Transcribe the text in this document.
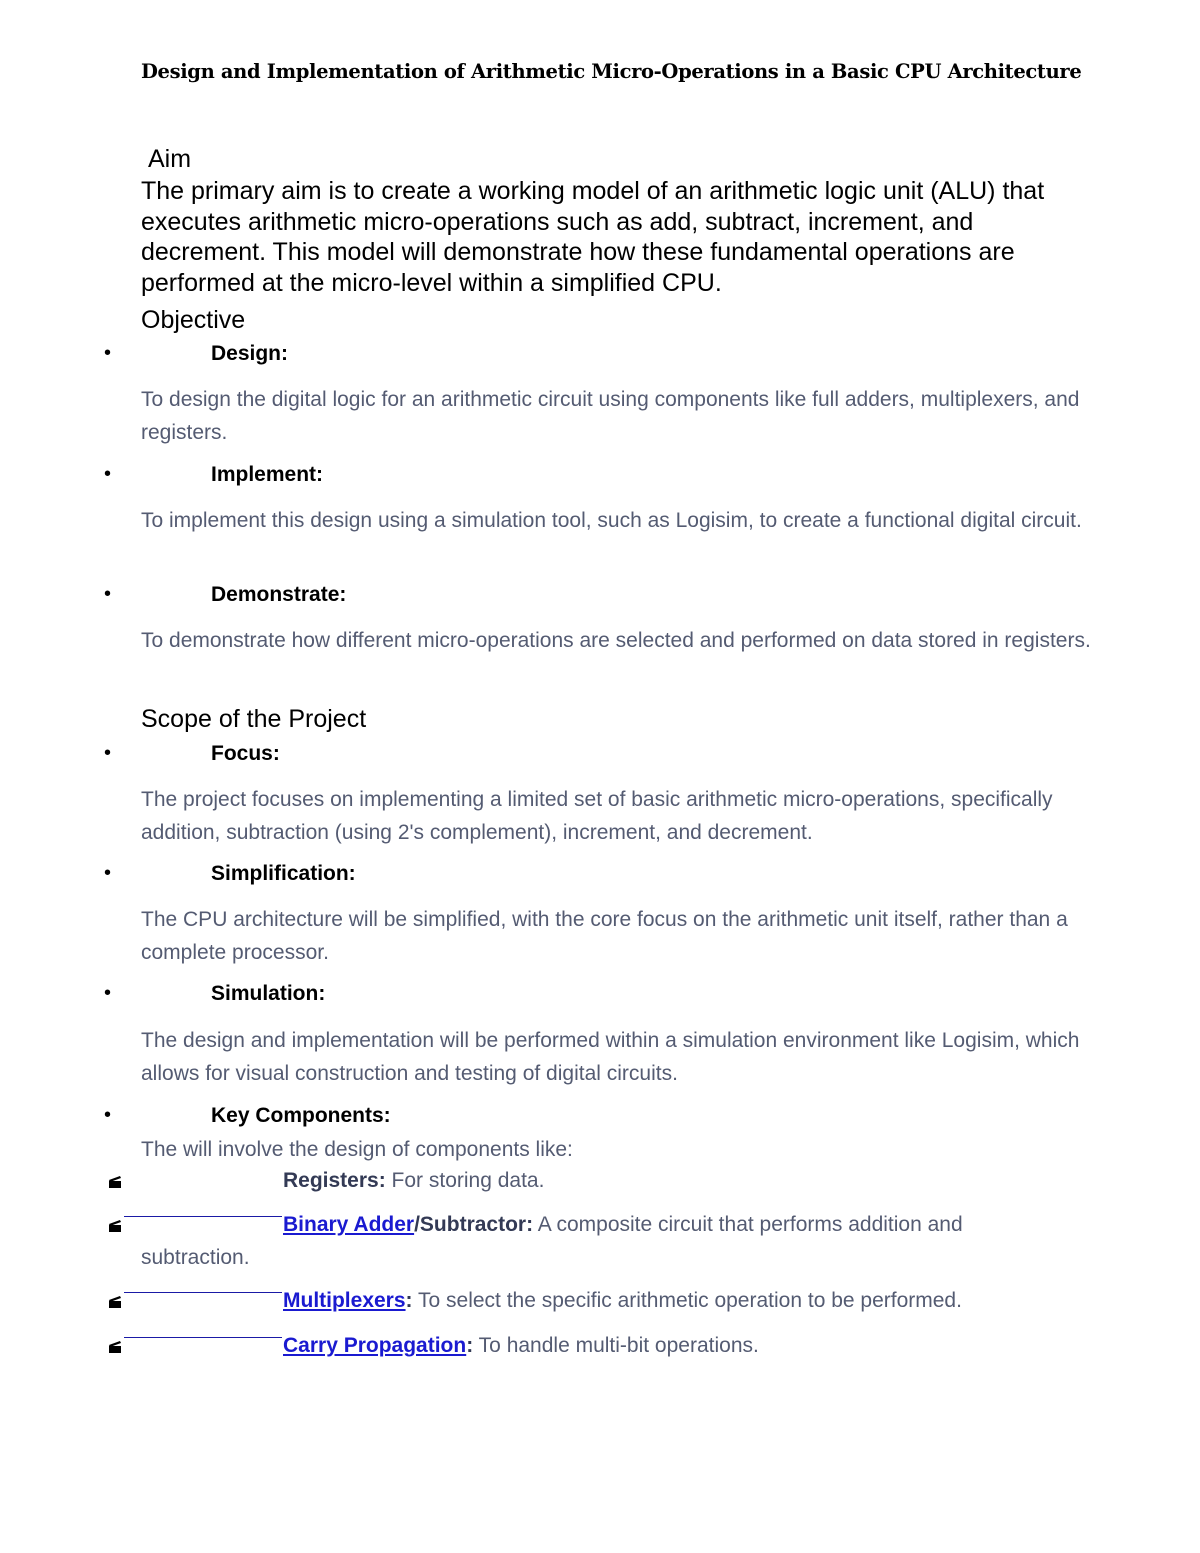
Design and Implementation of Arithmetic Micro-Operations in a Basic CPU Architecture
Aim
The primary aim is to create a working model of an arithmetic logic unit (ALU) that executes arithmetic micro-operations such as add, subtract, increment, and decrement. This model will demonstrate how these fundamental operations are performed at the micro-level within a simplified CPU.
Objective
•	Design:
To design the digital logic for an arithmetic circuit using components like full adders, multiplexers, and registers.
•	Implement:
To implement this design using a simulation tool, such as Logisim, to create a functional digital circuit.
•	Demonstrate:
To demonstrate how different micro-operations are selected and performed on data stored in registers.
Scope of the Project
•	Focus:
The project focuses on implementing a limited set of basic arithmetic micro-operations, specifically addition, subtraction (using 2's complement), increment, and decrement.
•	Simplification:
The CPU architecture will be simplified, with the core focus on the arithmetic unit itself, rather than a complete processor.
•	Simulation:
The design and implementation will be performed within a simulation environment like Logisim, which allows for visual construction and testing of digital circuits.
•	Key Components:
The will involve the design of components like:
Registers: For storing data.
Binary Adder/Subtractor: A composite circuit that performs addition and
subtraction.
Multiplexers: To select the specific arithmetic operation to be performed.
Carry Propagation: To handle multi-bit operations.
